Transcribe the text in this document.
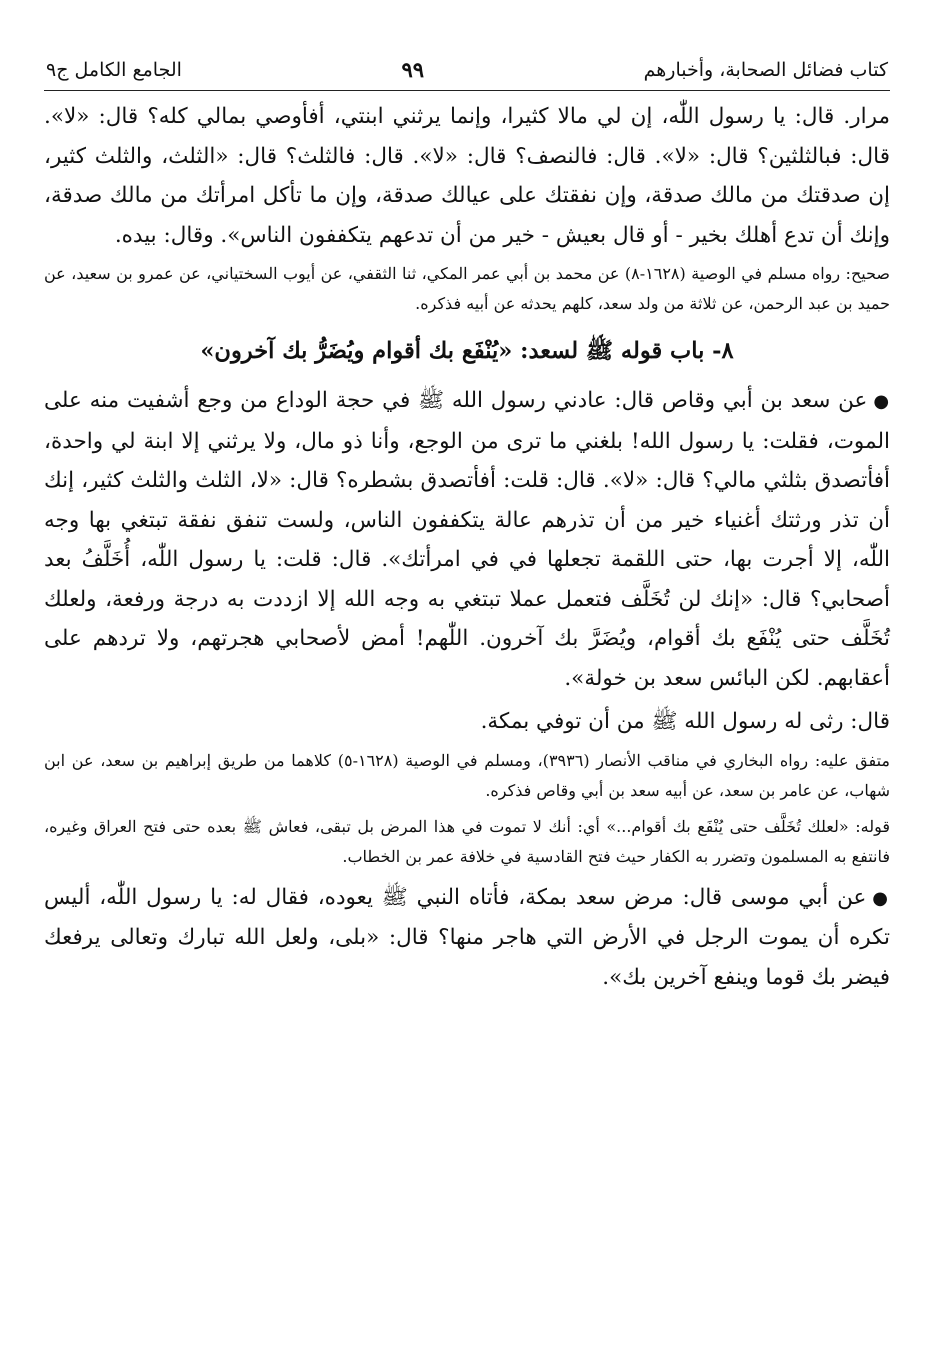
كتاب فضائل الصحابة، وأخبارهم
٩٩
الجامع الكامل ج٩

مرار. قال: يا رسول اللّٰه، إن لي مالا كثيرا، وإنما يرثني ابنتي، أفأوصي بمالي كله؟ قال: «لا». قال: فبالثلثين؟ قال: «لا». قال: فالنصف؟ قال: «لا». قال: فالثلث؟ قال: «الثلث، والثلث كثير، إن صدقتك من مالك صدقة، وإن نفقتك على عيالك صدقة، وإن ما تأكل امرأتك من مالك صدقة، وإنك أن تدع أهلك بخير - أو قال بعيش - خير من أن تدعهم يتكففون الناس». وقال: بيده.

صحيح: رواه مسلم في الوصية (١٦٢٨-٨) عن محمد بن أبي عمر المكي، ثنا الثقفي، عن أيوب السختياني، عن عمرو بن سعيد، عن حميد بن عبد الرحمن، عن ثلاثة من ولد سعد، كلهم يحدثه عن أبيه فذكره.

٨- باب قوله ﷺ لسعد: «يُنْفَع بك أقوام ويُضَرُّ بك آخرون»

●عن سعد بن أبي وقاص قال: عادني رسول الله ﷺ في حجة الوداع من وجع أشفيت منه على الموت، فقلت: يا رسول الله! بلغني ما ترى من الوجع، وأنا ذو مال، ولا يرثني إلا ابنة لي واحدة، أفأتصدق بثلثي مالي؟ قال: «لا». قال: قلت: أفأتصدق بشطره؟ قال: «لا، الثلث والثلث كثير، إنك أن تذر ورثتك أغنياء خير من أن تذرهم عالة يتكففون الناس، ولست تنفق نفقة تبتغي بها وجه اللّٰه، إلا أجرت بها، حتى اللقمة تجعلها في في امرأتك». قال: قلت: يا رسول اللّٰه، أُخَلَّفُ بعد أصحابي؟ قال: «إنك لن تُخَلَّف فتعمل عملا تبتغي به وجه الله إلا ازددت به درجة ورفعة، ولعلك تُخَلَّف حتى يُنْفَع بك أقوام، ويُضَرَّ بك آخرون. اللّٰهم! أمض لأصحابي هجرتهم، ولا تردهم على أعقابهم. لكن البائس سعد بن خولة».

قال: رثى له رسول الله ﷺ من أن توفي بمكة.

متفق عليه: رواه البخاري في مناقب الأنصار (٣٩٣٦)، ومسلم في الوصية (١٦٢٨-٥) كلاهما من طريق إبراهيم بن سعد، عن ابن شهاب، عن عامر بن سعد، عن أبيه سعد بن أبي وقاص فذكره.

قوله: «لعلك تُخَلَّف حتى يُنْفَع بك أقوام...» أي: أنك لا تموت في هذا المرض بل تبقى، فعاش ﷺ بعده حتى فتح العراق وغيره، فانتفع به المسلمون وتضرر به الكفار حيث فتح القادسية في خلافة عمر بن الخطاب.

●عن أبي موسى قال: مرض سعد بمكة، فأتاه النبي ﷺ يعوده، فقال له: يا رسول اللّٰه، أليس تكره أن يموت الرجل في الأرض التي هاجر منها؟ قال: «بلى، ولعل الله تبارك وتعالى يرفعك فيضر بك قوما وينفع آخرين بك».
